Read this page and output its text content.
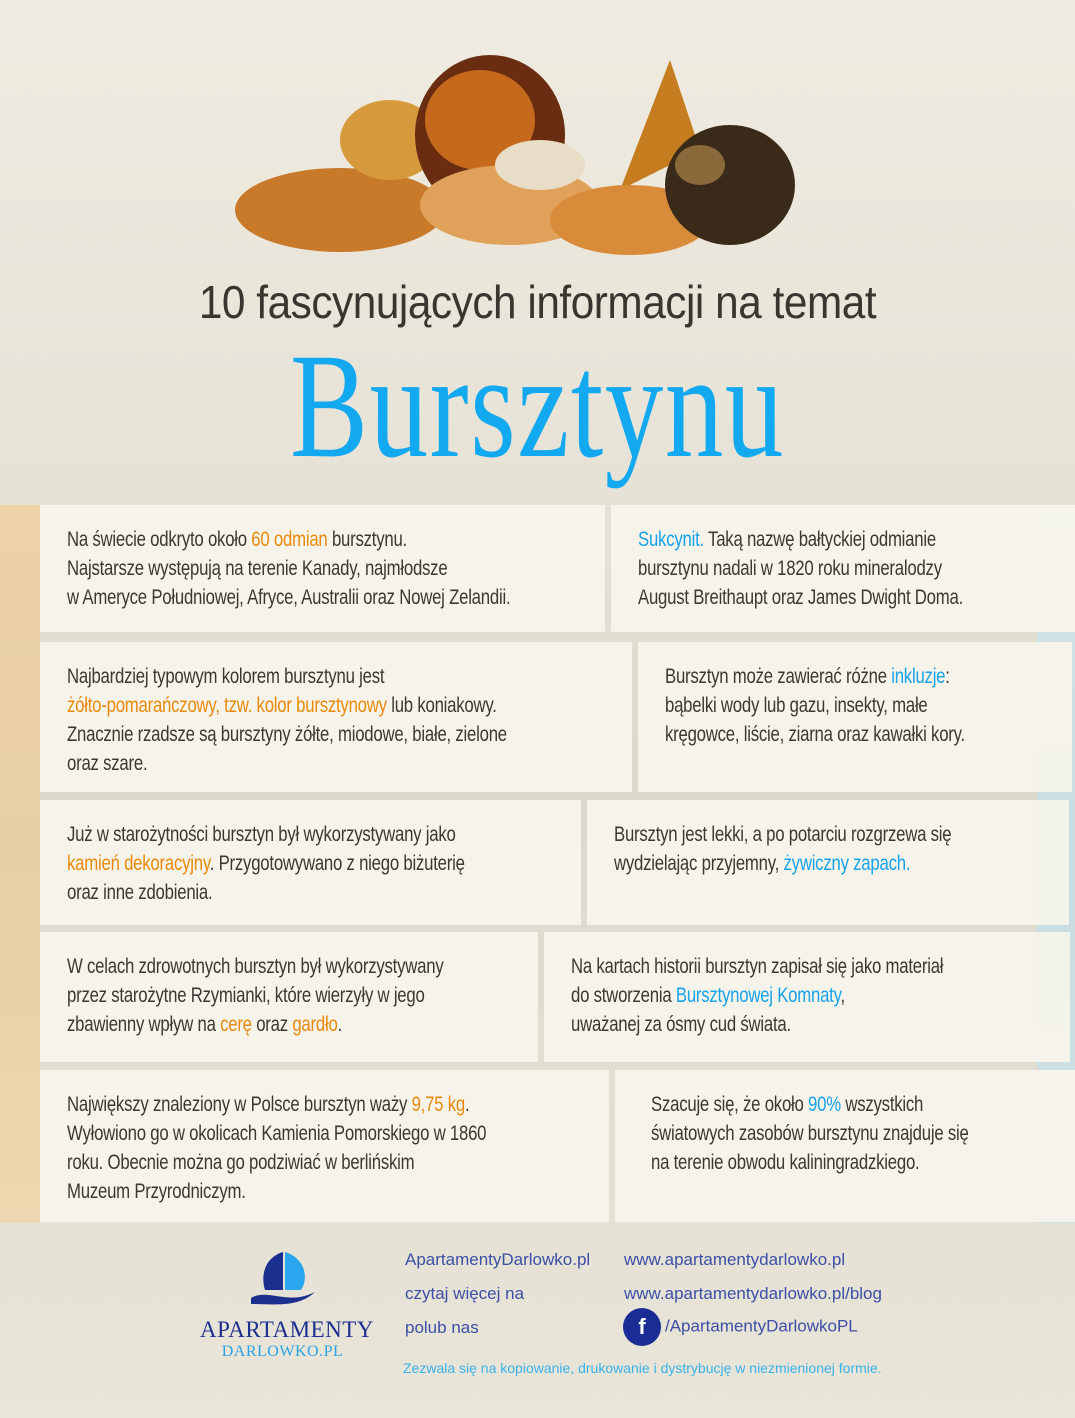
10 fascynujących informacji na temat
Bursztynu
Na świecie odkryto około 60 odmian bursztynu.
Najstarsze występują na terenie Kanady, najmłodsze
w Ameryce Południowej, Afryce, Australii oraz Nowej Zelandii.
Sukcynit. Taką nazwę bałtyckiej odmianie
bursztynu nadali w 1820 roku mineralodzy
August Breithaupt oraz James Dwight Doma.
Najbardziej typowym kolorem bursztynu jest
żółto-pomarańczowy, tzw. kolor bursztynowy lub koniakowy.
Znacznie rzadsze są bursztyny żółte, miodowe, białe, zielone
oraz szare.
Bursztyn może zawierać różne inkluzje:
bąbelki wody lub gazu, insekty, małe
kręgowce, liście, ziarna oraz kawałki kory.
Już w starożytności bursztyn był wykorzystywany jako
kamień dekoracyjny. Przygotowywano z niego biżuterię
oraz inne zdobienia.
Bursztyn jest lekki, a po potarciu rozgrzewa się
wydzielając przyjemny, żywiczny zapach.
W celach zdrowotnych bursztyn był wykorzystywany
przez starożytne Rzymianki, które wierzyły w jego
zbawienny wpływ na cerę oraz gardło.
Na kartach historii bursztyn zapisał się jako materiał
do stworzenia Bursztynowej Komnaty,
uważanej za ósmy cud świata.
Największy znaleziony w Polsce bursztyn waży 9,75 kg.
Wyłowiono go w okolicach Kamienia Pomorskiego w 1860
roku. Obecnie można go podziwiać w berlińskim
Muzeum Przyrodniczym.
Szacuje się, że około 90% wszystkich
światowych zasobów bursztynu znajduje się
na terenie obwodu kaliningradzkiego.
APARTAMENTY
DARLOWKO.PL
ApartamentyDarlowko.pl
czytaj więcej na
polub nas
www.apartamentydarlowko.pl
www.apartamentydarlowko.pl/blog
f /ApartamentyDarlowkoPL
Zezwala się na kopiowanie, drukowanie i dystrybucję w niezmienionej formie.
